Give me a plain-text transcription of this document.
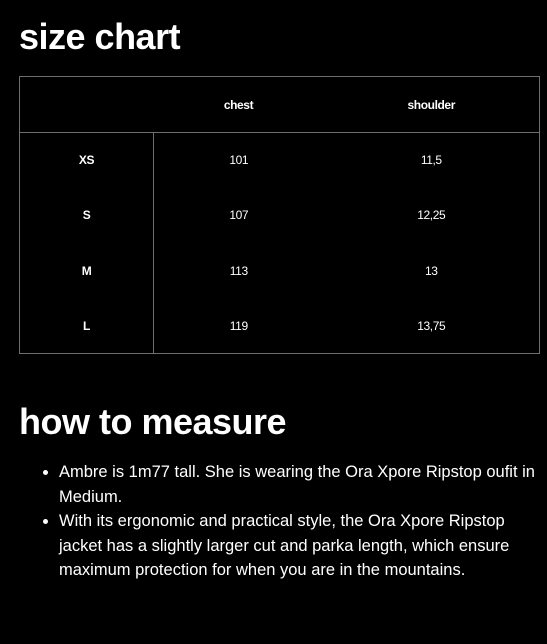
size chart
	chest	shoulder
XS	101	11,5
S	107	12,25
M	113	13
L	119	13,75
how to measure
• Ambre is 1m77 tall. She is wearing the Ora Xpore Ripstop oufit in Medium.
• With its ergonomic and practical style, the Ora Xpore Ripstop jacket has a slightly larger cut and parka length, which ensure maximum protection for when you are in the mountains.
